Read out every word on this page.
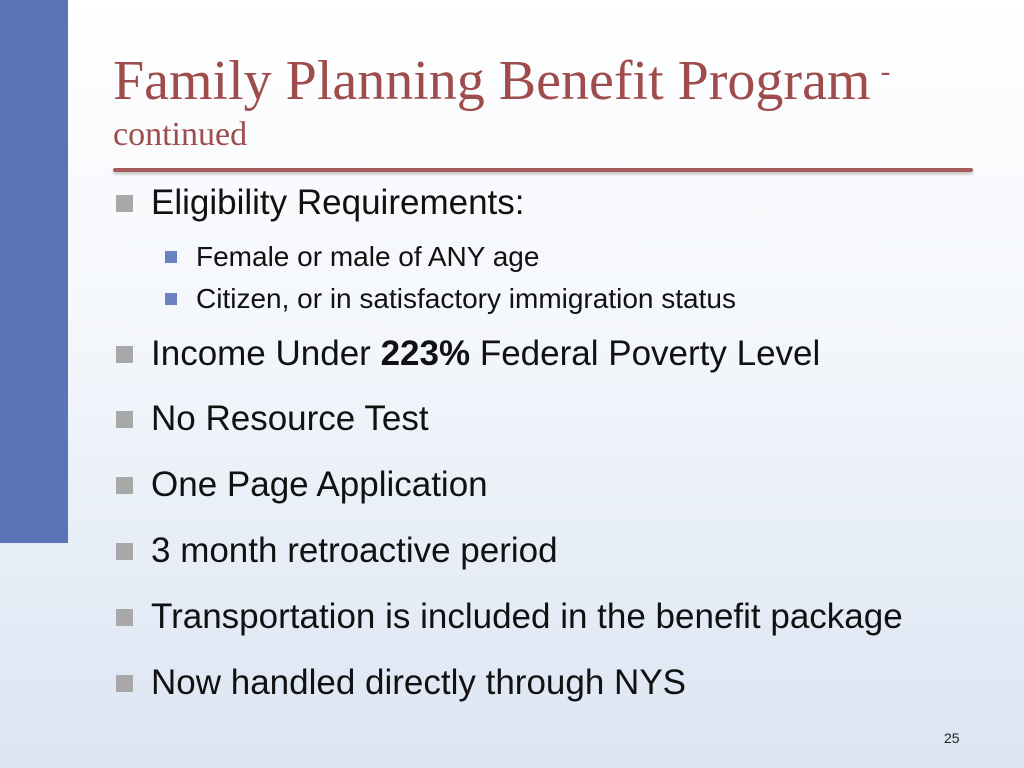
Family Planning Benefit Program -
continued
Eligibility Requirements:
Female or male of ANY age
Citizen, or in satisfactory immigration status
Income Under 223% Federal Poverty Level
No Resource Test
One Page Application
3 month retroactive period
Transportation is included in the benefit package
Now handled directly through NYS
25
